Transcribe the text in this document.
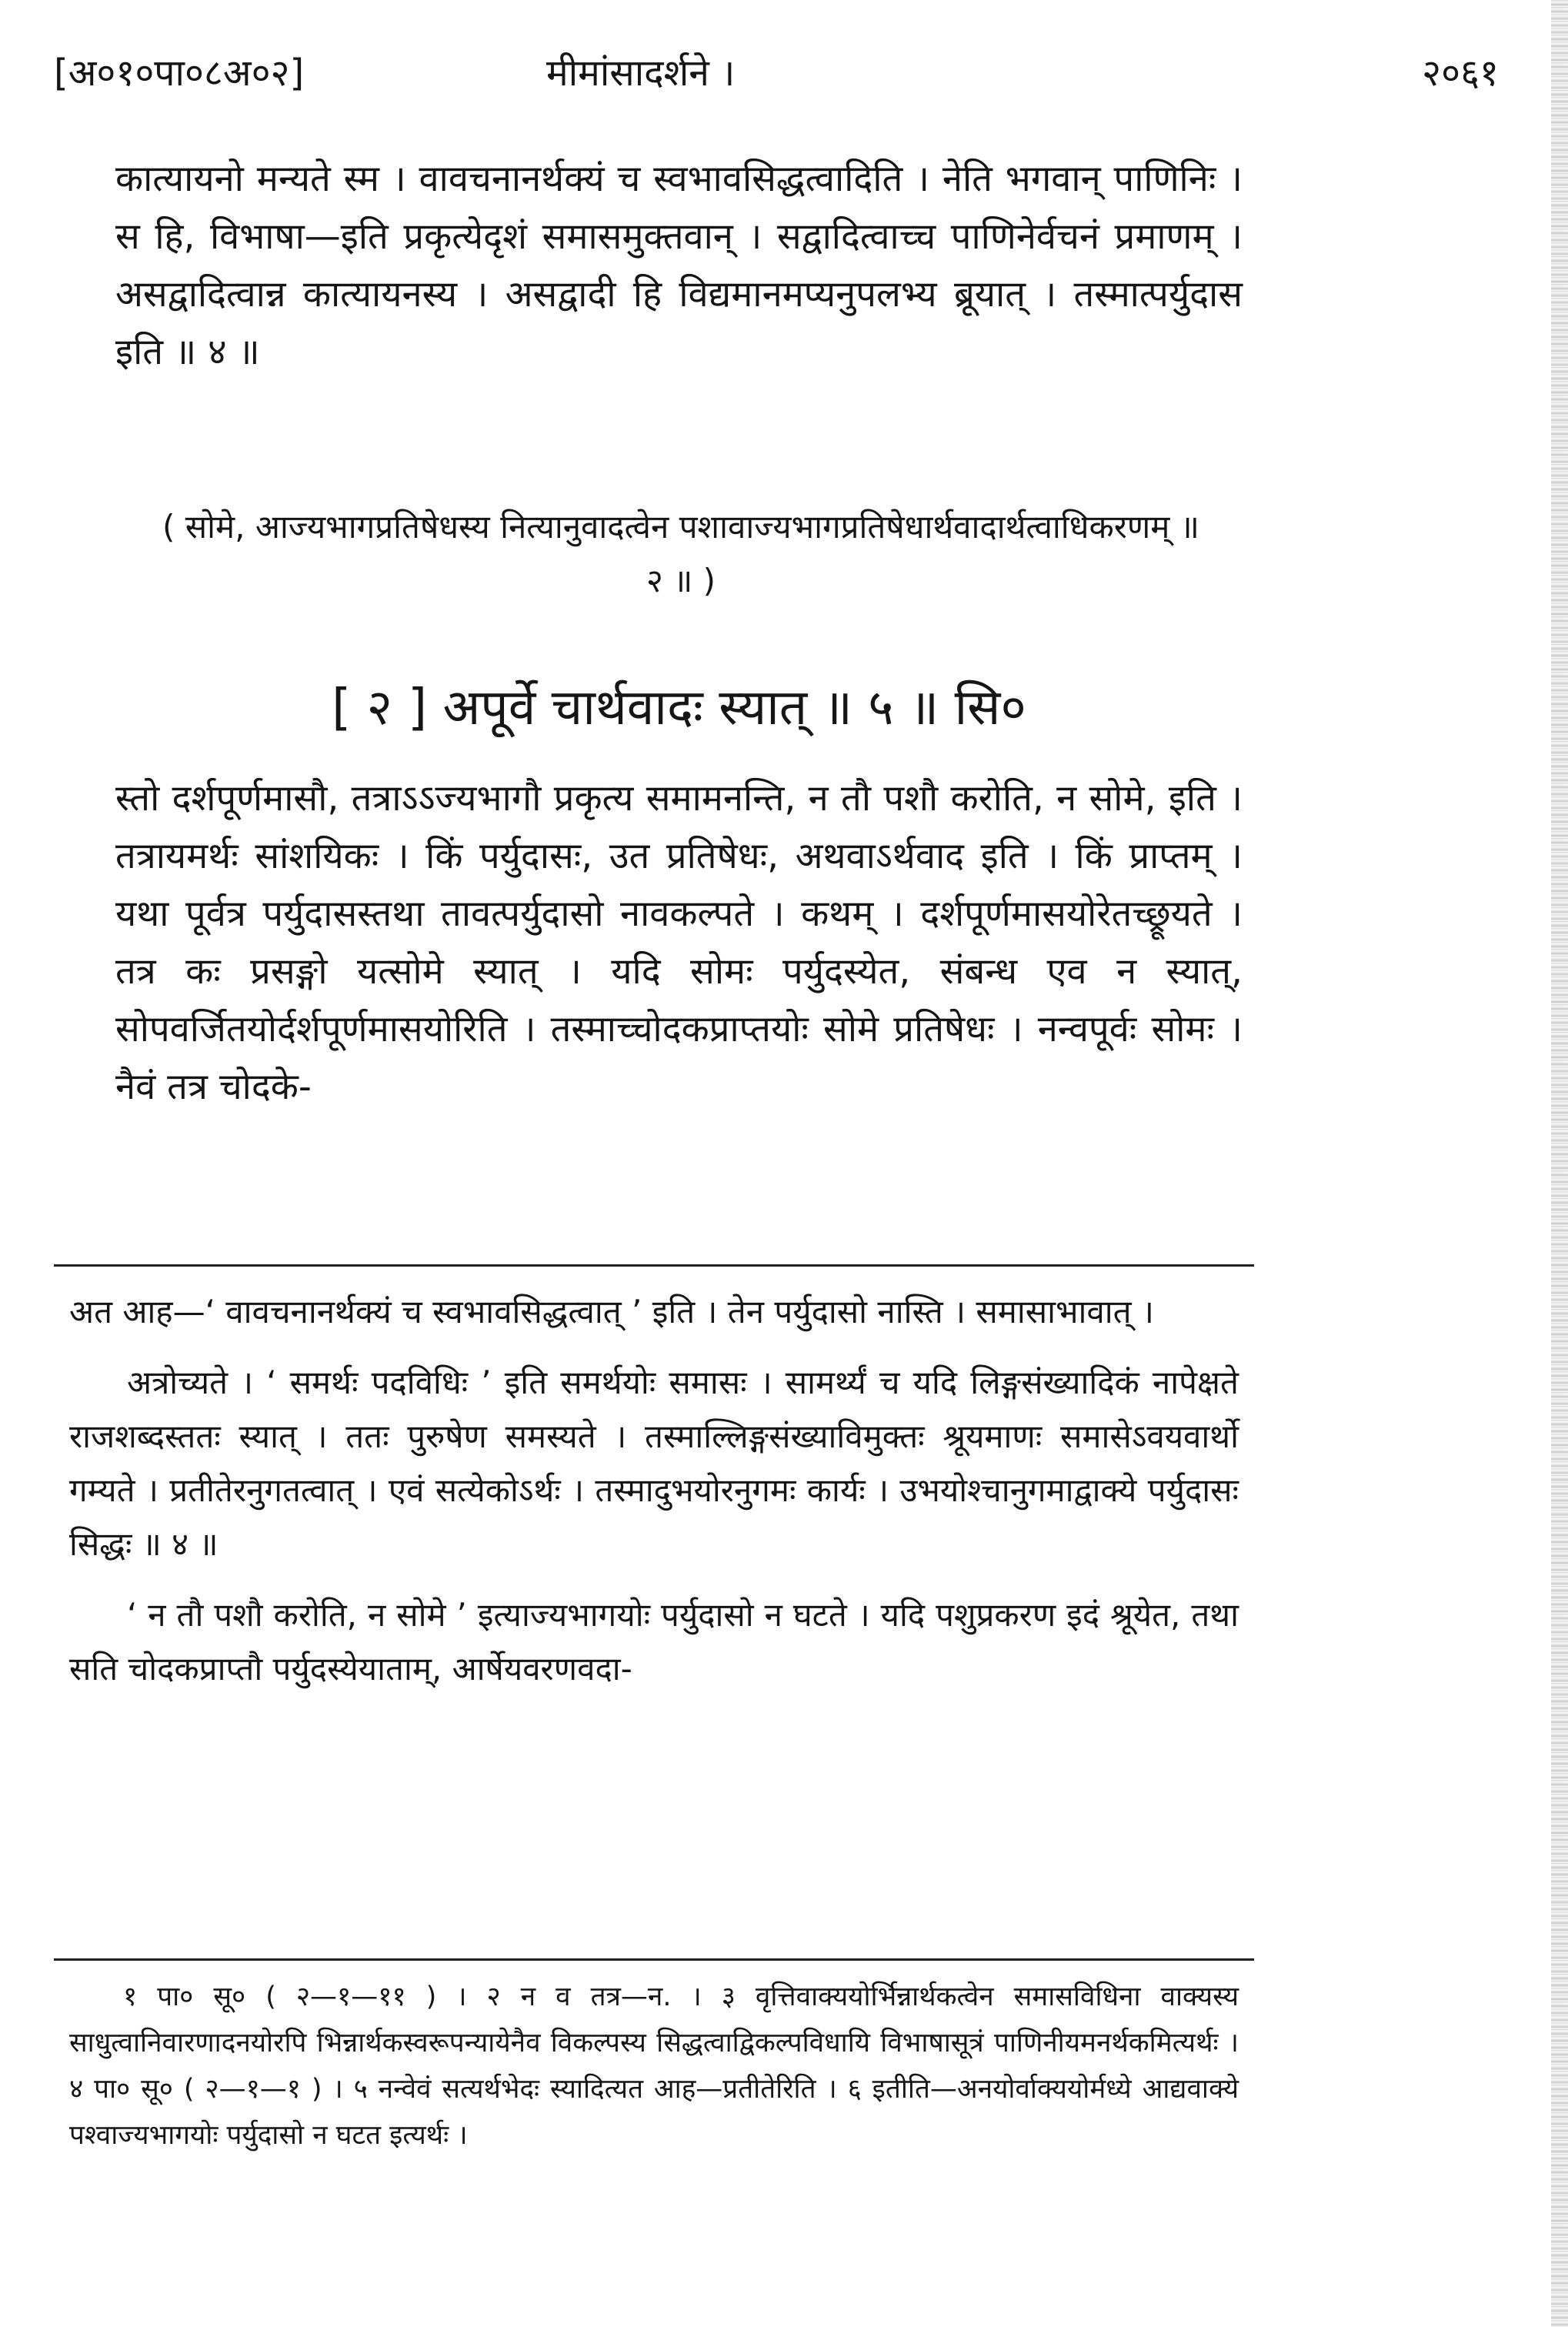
[अ०१०पा०८अ०२]	मीमांसादर्शने ।	२०६१

कात्यायनो मन्यते स्म । वावचनानर्थक्यं च स्वभावसिद्धत्वादिति । नेति भगवान् पाणिनिः । स हि, विभाषा—इति प्रकृत्येदृशं समासमुक्तवान् । सद्वादित्वाच्च पाणिनेर्वचनं प्रमाणम् । असद्वादित्वान्न कात्यायनस्य । असद्वादी हि विद्यमानमप्यनुपलभ्य ब्रूयात् । तस्मात्पर्युदास इति ॥ ४ ॥

( सोमे, आज्यभागप्रतिषेधस्य नित्यानुवादत्वेन पशावाज्यभागप्रतिषेधार्थवादार्थत्वाधिकरणम् ॥ २ ॥ )
[ २ ] अपूर्वे चार्थवादः स्यात् ॥ ५ ॥ सि०

स्तो दर्शपूर्णमासौ, तत्राऽऽज्यभागौ प्रकृत्य समामनन्ति, न तौ पशौ करोति, न सोमे, इति । तत्रायमर्थः सांशयिकः । किं पर्युदासः, उत प्रतिषेधः, अथवाऽर्थवाद इति । किं प्राप्तम् । यथा पूर्वत्र पर्युदासस्तथा तावत्पर्युदासो नावकल्पते । कथम् । दर्शपूर्णमासयोरेतच्छ्रूयते । तत्र कः प्रसङ्गो यत्सोमे स्यात् । यदि सोमः पर्युदस्येत, संबन्ध एव न स्यात्, सोपवर्जितयोर्दर्शपूर्णमासयोरिति । तस्माच्चोदकप्राप्तयोः सोमे प्रतिषेधः । नन्वपूर्वः सोमः । नैवं तत्र चोदके-

अत आह—‘ वावचनानर्थक्यं च स्वभावसिद्धत्वात् ’ इति । तेन पर्युदासो नास्ति । समासाभावात् ।

अत्रोच्यते । ‘ समर्थः पदविधिः ’ इति समर्थयोः समासः । सामर्थ्यं च यदि लिङ्गसंख्यादिकं नापेक्षते राजशब्दस्ततः स्यात् । ततः पुरुषेण समस्यते । तस्माल्लिङ्गसंख्याविमुक्तः श्रूयमाणः समासेऽवयवार्थो गम्यते । प्रतीतेरनुगतत्वात् । एवं सत्येकोऽर्थः । तस्मादुभयोरनुगमः कार्यः । उभयोश्चानुगमाद्वाक्ये पर्युदासः सिद्धः ॥ ४ ॥

‘ न तौ पशौ करोति, न सोमे ’ इत्याज्यभागयोः पर्युदासो न घटते । यदि पशुप्रकरण इदं श्रूयेत, तथा सति चोदकप्राप्तौ पर्युदस्येयाताम्, आर्षेयवरणवदा-

१ पा० सू० ( २—१—११ ) । २ न व तत्र—न. । ३ वृत्तिवाक्ययोर्भिन्नार्थकत्वेन समासविधिना वाक्यस्य साधुत्वानिवारणादनयोरपि भिन्नार्थकस्वरूपन्यायेनैव विकल्पस्य सिद्धत्वाद्विकल्पविधायि विभाषासूत्रं पाणिनीयमनर्थकमित्यर्थः । ४ पा० सू० ( २—१—१ ) । ५ नन्वेवं सत्यर्थभेदः स्यादित्यत आह—प्रतीतेरिति । ६ इतीति—अनयोर्वाक्ययोर्मध्ये आद्यवाक्ये पश्वाज्यभागयोः पर्युदासो न घटत इत्यर्थः ।
